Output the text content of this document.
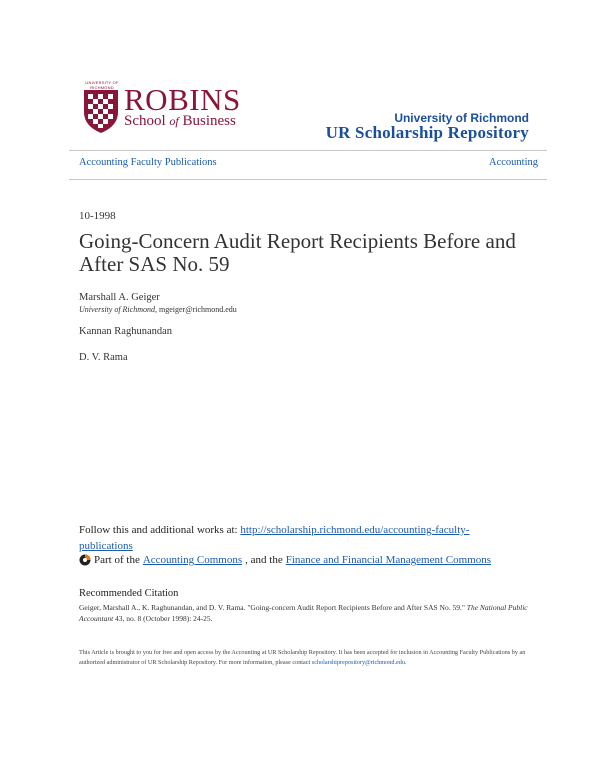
UNIVERSITY OF RICHMOND ROBINS
School of Business	University of Richmond
UR Scholarship Repository
Accounting Faculty Publications	Accounting
10-1998
Going-Concern Audit Report Recipients Before and After SAS No. 59
Marshall A. Geiger
University of Richmond, mgeiger@richmond.edu
Kannan Raghunandan
D. V. Rama
Follow this and additional works at: http://scholarship.richmond.edu/accounting-faculty-publications
Part of the Accounting Commons , and the Finance and Financial Management Commons
Recommended Citation
Geiger, Marshall A., K. Raghunandan, and D. V. Rama. "Going-concern Audit Report Recipients Before and After SAS No. 59." The National Public Accountant 43, no. 8 (October 1998): 24-25.
This Article is brought to you for free and open access by the Accounting at UR Scholarship Repository. It has been accepted for inclusion in Accounting Faculty Publications by an authorized administrator of UR Scholarship Repository. For more information, please contact scholarshiprepository@richmond.edu.
